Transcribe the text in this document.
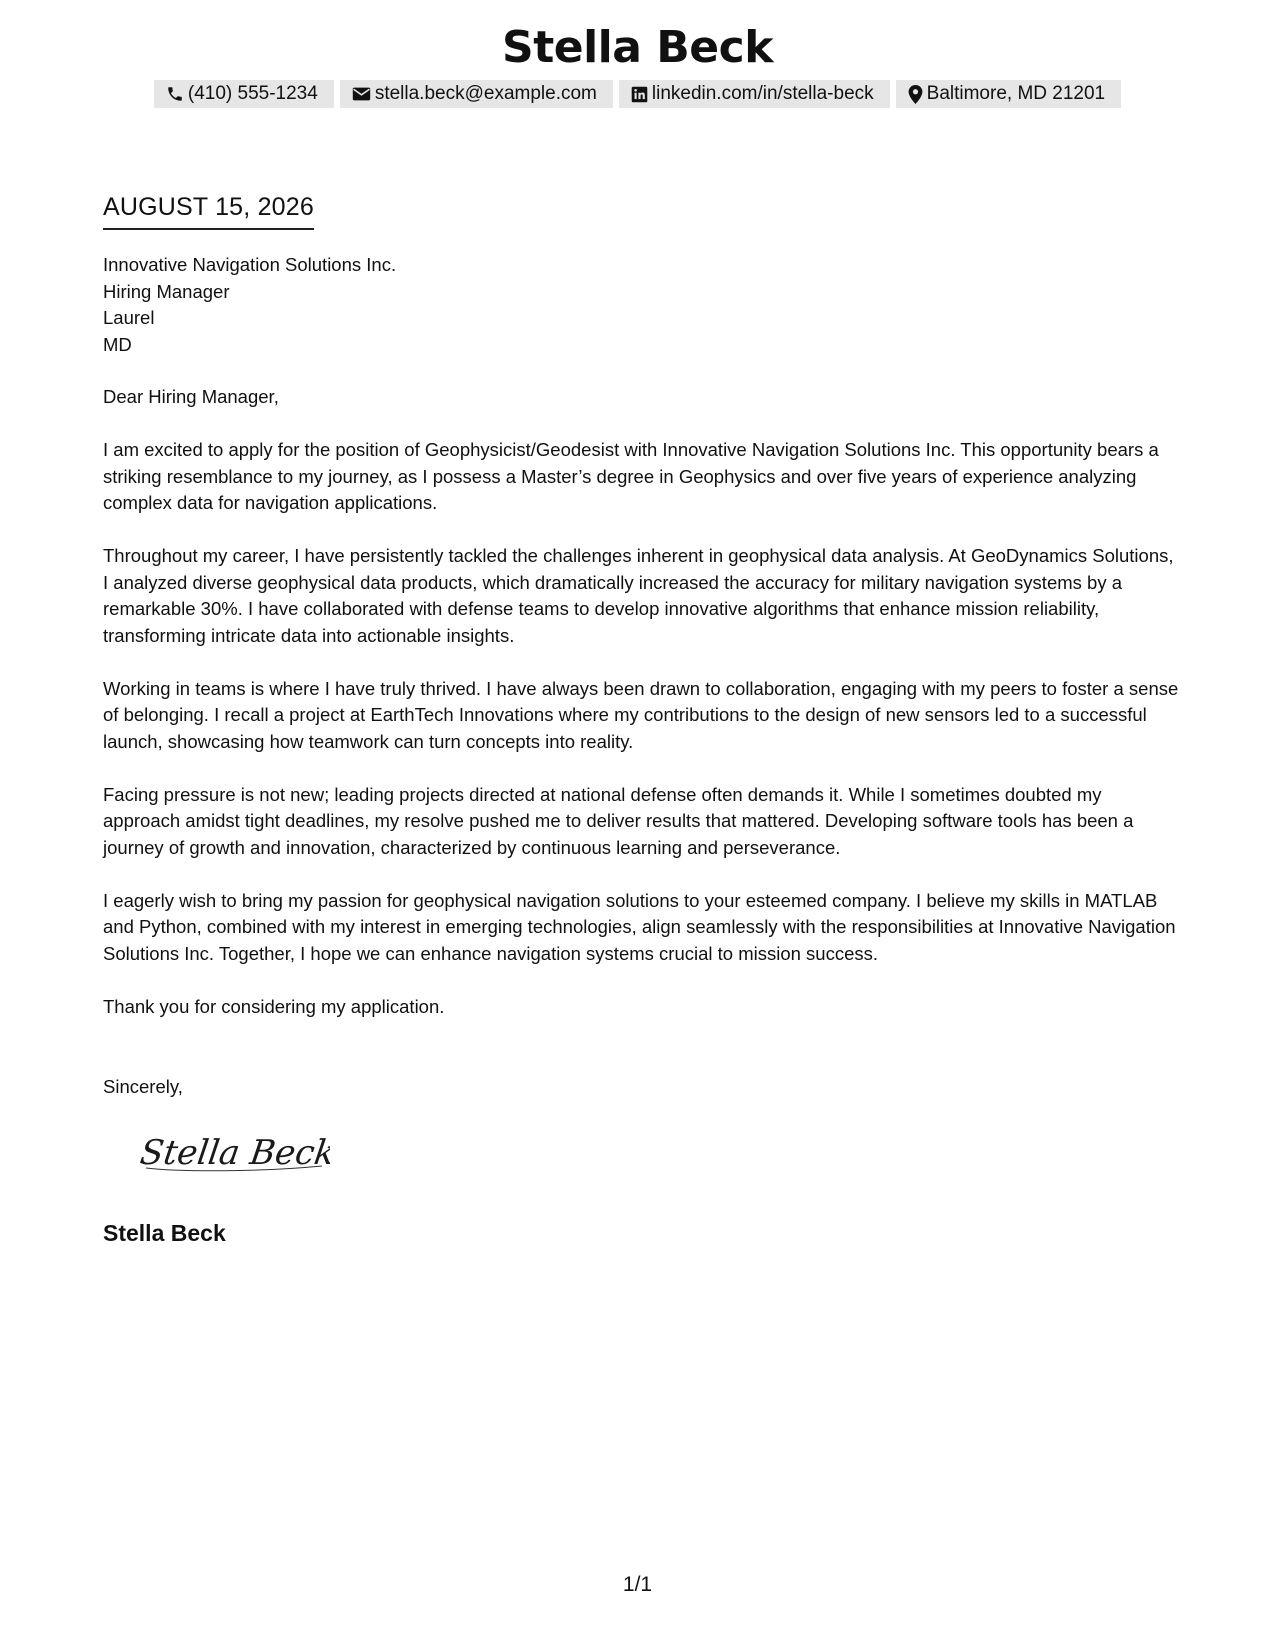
Stella Beck
(410) 555-1234	stella.beck@example.com	linkedin.com/in/stella-beck	Baltimore, MD 21201
AUGUST 15, 2026
Innovative Navigation Solutions Inc.
Hiring Manager
Laurel
MD

Dear Hiring Manager,

I am excited to apply for the position of Geophysicist/Geodesist with Innovative Navigation Solutions Inc. This opportunity bears a striking resemblance to my journey, as I possess a Master’s degree in Geophysics and over five years of experience analyzing complex data for navigation applications.

Throughout my career, I have persistently tackled the challenges inherent in geophysical data analysis. At GeoDynamics Solutions, I analyzed diverse geophysical data products, which dramatically increased the accuracy for military navigation systems by a remarkable 30%. I have collaborated with defense teams to develop innovative algorithms that enhance mission reliability, transforming intricate data into actionable insights.

Working in teams is where I have truly thrived. I have always been drawn to collaboration, engaging with my peers to foster a sense of belonging. I recall a project at EarthTech Innovations where my contributions to the design of new sensors led to a successful launch, showcasing how teamwork can turn concepts into reality.

Facing pressure is not new; leading projects directed at national defense often demands it. While I sometimes doubted my approach amidst tight deadlines, my resolve pushed me to deliver results that mattered. Developing software tools has been a journey of growth and innovation, characterized by continuous learning and perseverance.

I eagerly wish to bring my passion for geophysical navigation solutions to your esteemed company. I believe my skills in MATLAB and Python, combined with my interest in emerging technologies, align seamlessly with the responsibilities at Innovative Navigation Solutions Inc. Together, I hope we can enhance navigation systems crucial to mission success.

Thank you for considering my application.

Sincerely,
Stella Beck
Stella Beck
1/1
